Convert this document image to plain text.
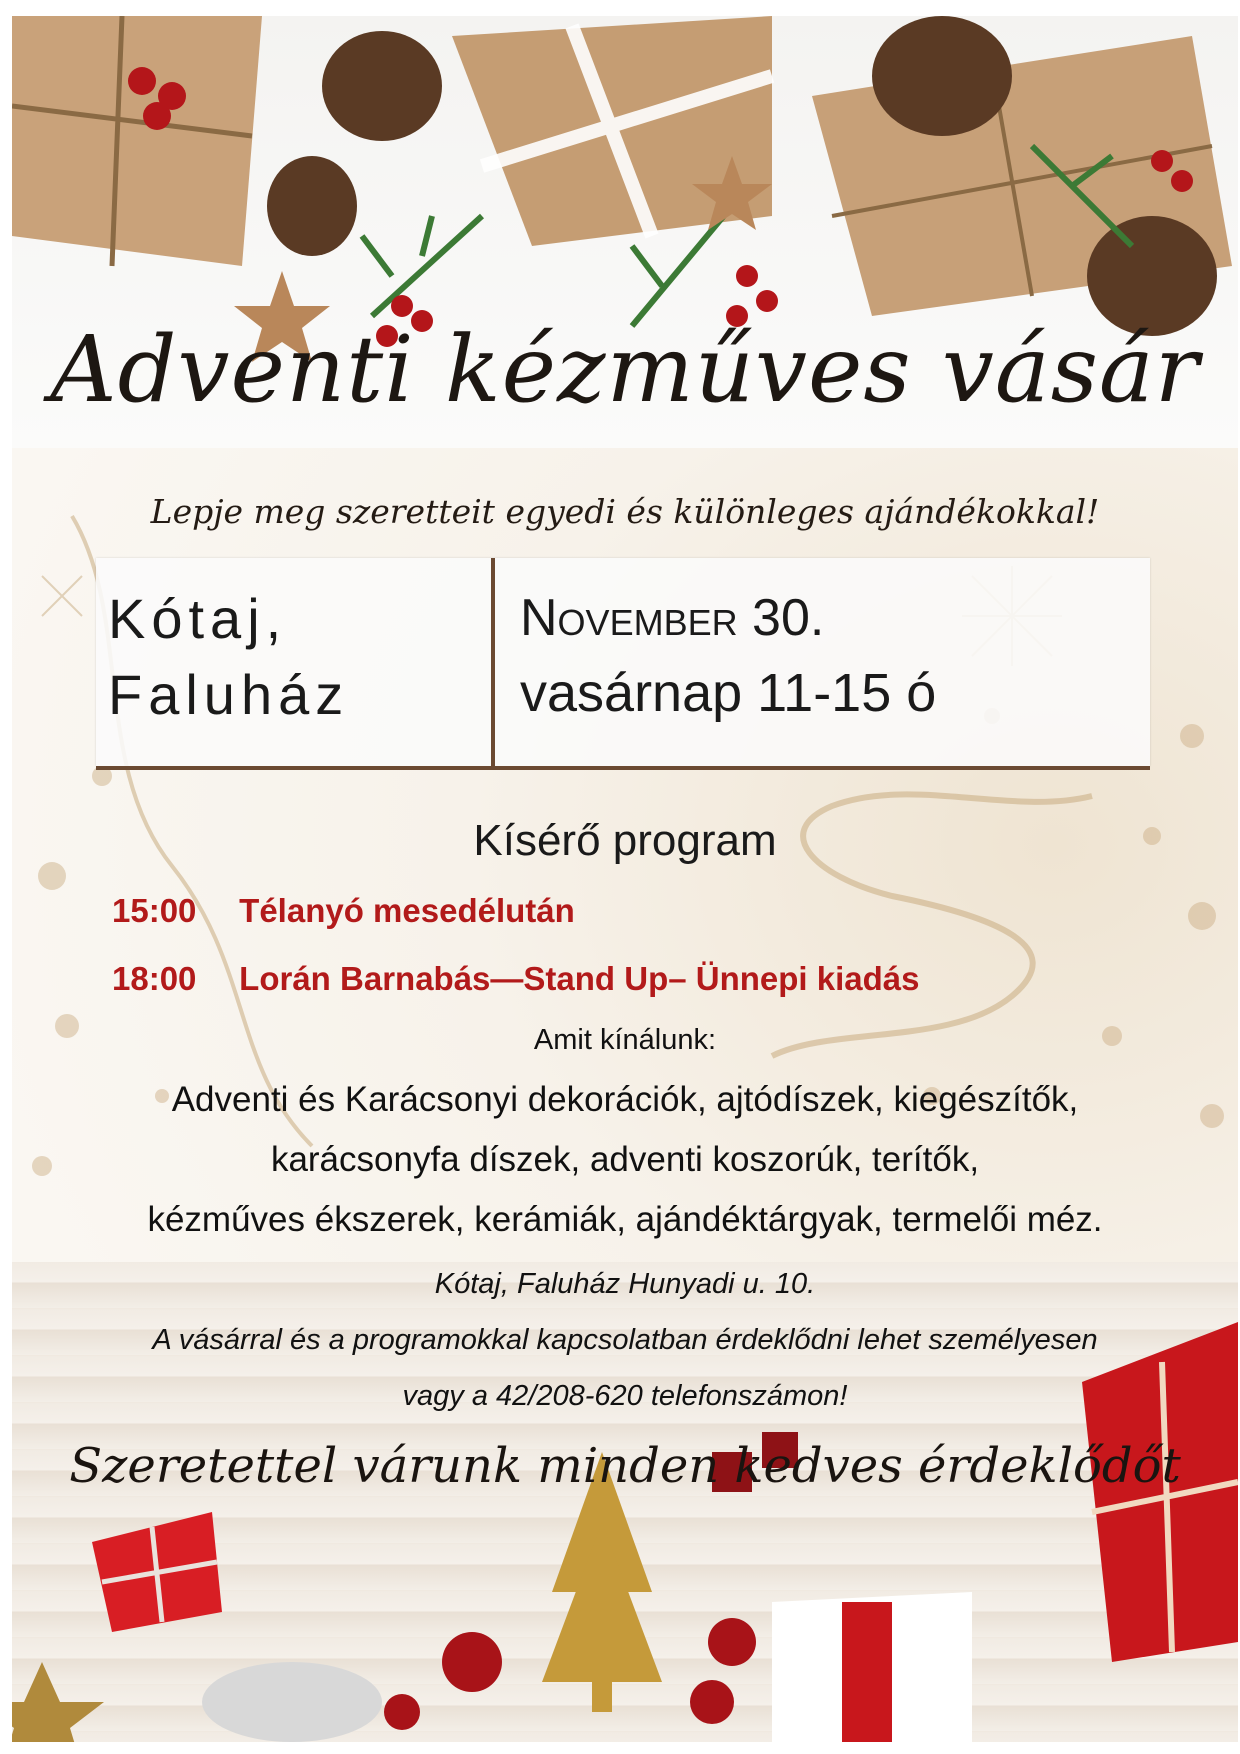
Adventi kézműves vásár
Lepje meg szeretteit egyedi és különleges ajándékokkal!
Kótaj,
Faluház
November 30.
vasárnap 11-15 ó
Kísérő program
15:00 Télanyó mesedélután
18:00 Lorán Barnabás—Stand Up– Ünnepi kiadás
Amit kínálunk:
Adventi és Karácsonyi dekorációk, ajtódíszek, kiegészítők,
karácsonyfa díszek, adventi koszorúk, terítők,
kézműves ékszerek, kerámiák, ajándéktárgyak, termelői méz.
Kótaj, Faluház Hunyadi u. 10.
A vásárral és a programokkal kapcsolatban érdeklődni lehet személyesen
vagy a 42/208-620 telefonszámon!
Szeretettel várunk minden kedves érdeklődőt
